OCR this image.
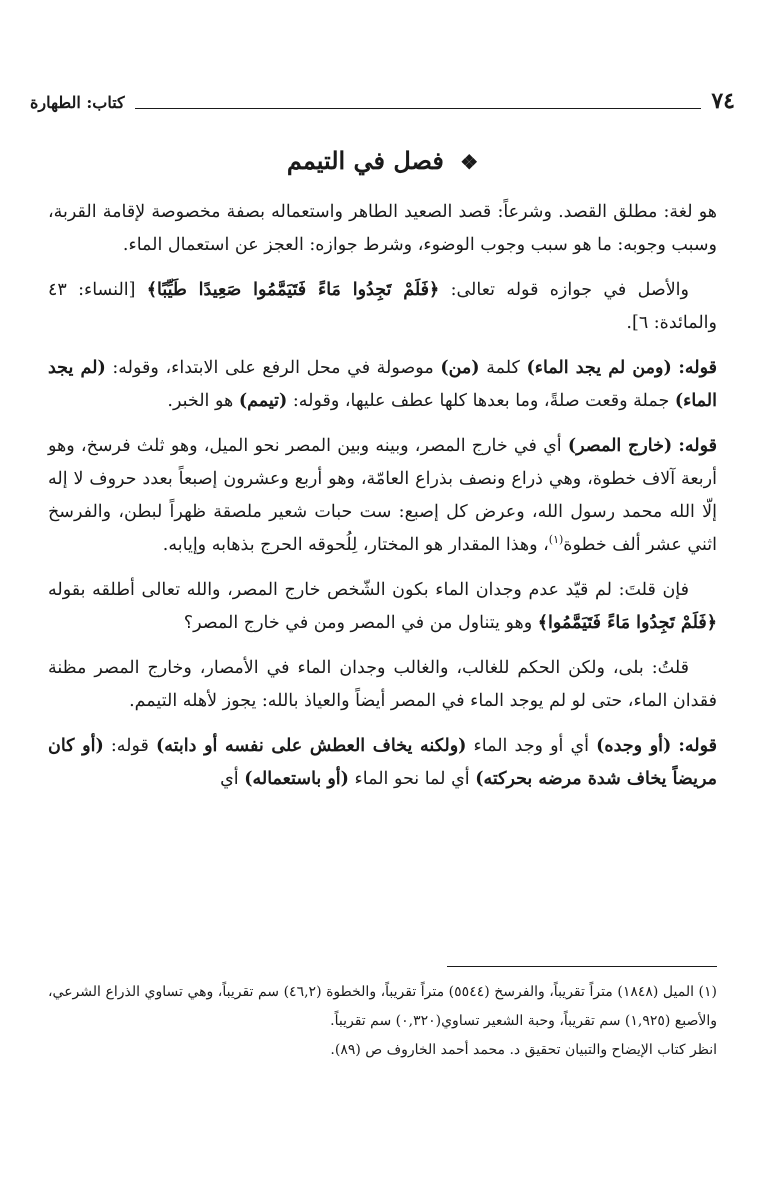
٧٤
كتاب: الطهارة
❖ فصل في التيمم

هو لغة: مطلق القصد. وشرعاً: قصد الصعيد الطاهر واستعماله بصفة مخصوصة لإقامة القربة، وسبب وجوبه: ما هو سبب وجوب الوضوء، وشرط جوازه: العجز عن استعمال الماء.

والأصل في جوازه قوله تعالى: ﴿فَلَمْ تَجِدُوا مَاءً فَتَيَمَّمُوا صَعِيدًا طَيِّبًا﴾ [النساء: ٤٣ والمائدة: ٦].

قوله: (ومن لم يجد الماء) كلمة (من) موصولة في محل الرفع على الابتداء، وقوله: (لم يجد الماء) جملة وقعت صلةً، وما بعدها كلها عطف عليها، وقوله: (تيمم) هو الخبر.

قوله: (خارج المصر) أي في خارج المصر، وبينه وبين المصر نحو الميل، وهو ثلث فرسخ، وهو أربعة آلاف خطوة، وهي ذراع ونصف بذراع العامّة، وهو أربع وعشرون إصبعاً بعدد حروف لا إله إلّا الله محمد رسول الله، وعرض كل إصبع: ست حبات شعير ملصقة ظهراً لبطن، والفرسخ اثني عشر ألف خطوة$^{(١)}$، وهذا المقدار هو المختار، لِلُحوقه الحرج بذهابه وإيابه.

فإن قلتَ: لم قيّد عدم وجدان الماء بكون الشّخص خارج المصر، والله تعالى أطلقه بقوله ﴿فَلَمْ تَجِدُوا مَاءً فَتَيَمَّمُوا﴾ وهو يتناول من في المصر ومن في خارج المصر؟

قلتُ: بلى، ولكن الحكم للغالب، والغالب وجدان الماء في الأمصار، وخارج المصر مظنة فقدان الماء، حتى لو لم يوجد الماء في المصر أيضاً والعياذ بالله: يجوز لأهله التيمم.

قوله: (أو وجده) أي أو وجد الماء (ولكنه يخاف العطش على نفسه أو دابته) قوله: (أو كان مريضاً يخاف شدة مرضه بحركته) أي لما نحو الماء (أو باستعماله) أي

(١) الميل (١٨٤٨) متراً تقريباً، والفرسخ (٥٥٤٤) متراً تقريباً، والخطوة (٤٦,٢) سم تقريباً، وهي تساوي الذراع الشرعي، والأصبع (١,٩٢٥) سم تقريباً، وحبة الشعير تساوي(٠,٣٢٠) سم تقريباً.

انظر كتاب الإيضاح والتبيان تحقيق د. محمد أحمد الخاروف ص (٨٩).
